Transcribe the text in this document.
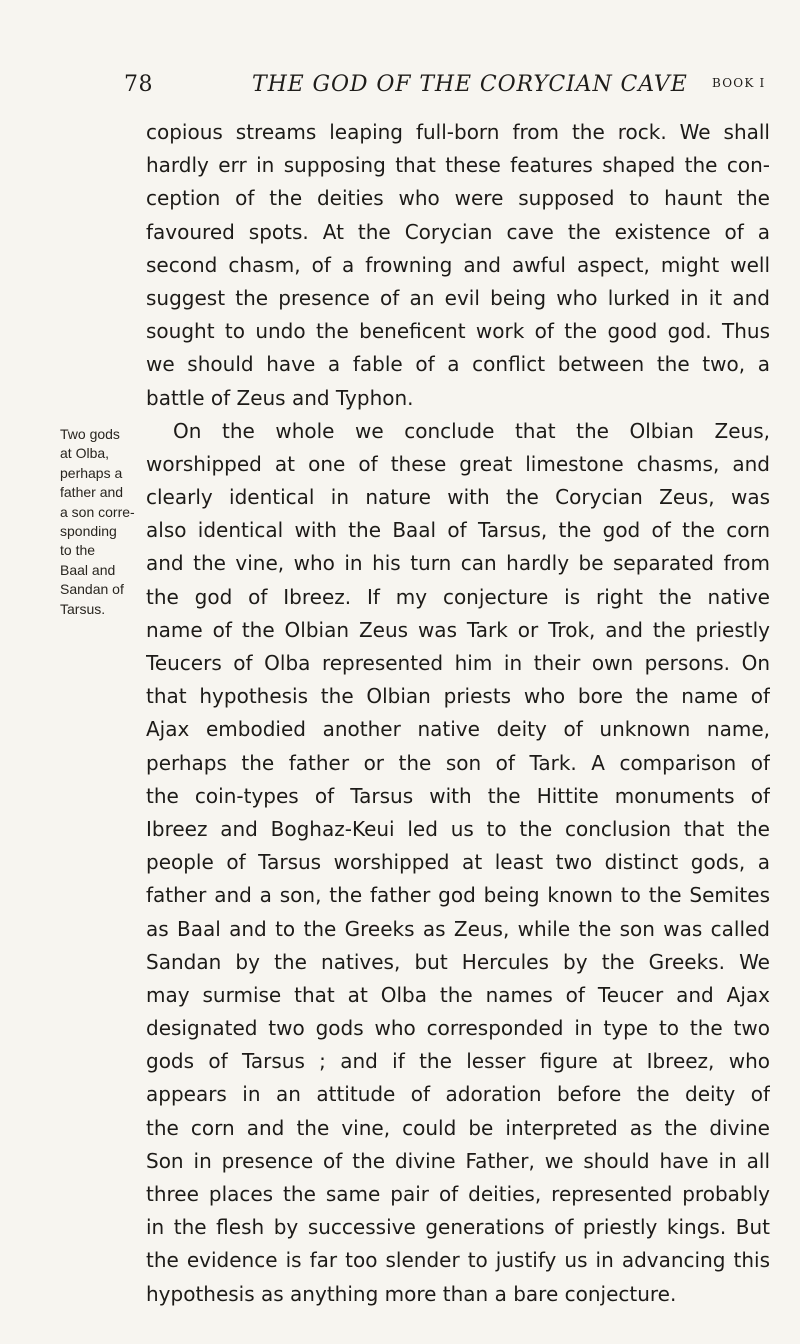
78	THE GOD OF THE CORYCIAN CAVE BOOK I
Two gods
at Olba,
perhaps a
father and
a son corre-
sponding
to the
Baal and
Sandan of
Tarsus.
copious streams leaping full-born from the rock. We shall
hardly err in supposing that these features shaped the con-
ception of the deities who were supposed to haunt the
favoured spots. At the Corycian cave the existence of a
second chasm, of a frowning and awful aspect, might well
suggest the presence of an evil being who lurked in it and
sought to undo the beneficent work of the good god. Thus
we should have a fable of a conflict between the two, a
battle of Zeus and Typhon.
On the whole we conclude that the Olbian Zeus,
worshipped at one of these great limestone chasms, and
clearly identical in nature with the Corycian Zeus, was
also identical with the Baal of Tarsus, the god of the corn
and the vine, who in his turn can hardly be separated from
the god of Ibreez. If my conjecture is right the native
name of the Olbian Zeus was Tark or Trok, and the priestly
Teucers of Olba represented him in their own persons. On
that hypothesis the Olbian priests who bore the name of
Ajax embodied another native deity of unknown name,
perhaps the father or the son of Tark. A comparison of
the coin-types of Tarsus with the Hittite monuments of
Ibreez and Boghaz-Keui led us to the conclusion that the
people of Tarsus worshipped at least two distinct gods, a
father and a son, the father god being known to the Semites
as Baal and to the Greeks as Zeus, while the son was called
Sandan by the natives, but Hercules by the Greeks. We
may surmise that at Olba the names of Teucer and Ajax
designated two gods who corresponded in type to the two
gods of Tarsus ; and if the lesser figure at Ibreez, who
appears in an attitude of adoration before the deity of
the corn and the vine, could be interpreted as the divine
Son in presence of the divine Father, we should have in all
three places the same pair of deities, represented probably
in the flesh by successive generations of priestly kings. But
the evidence is far too slender to justify us in advancing this
hypothesis as anything more than a bare conjecture.
